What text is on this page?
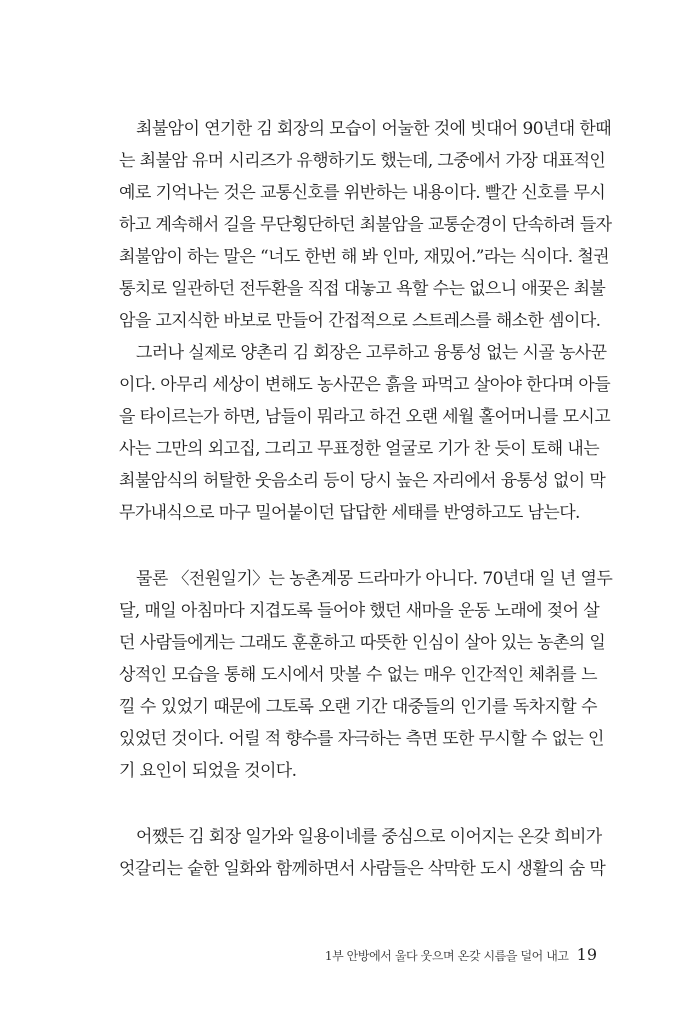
최불암이 연기한 김 회장의 모습이 어눌한 것에 빗대어 90년대 한때
는 최불암 유머 시리즈가 유행하기도 했는데, 그중에서 가장 대표적인
예로 기억나는 것은 교통신호를 위반하는 내용이다. 빨간 신호를 무시
하고 계속해서 길을 무단횡단하던 최불암을 교통순경이 단속하려 들자
최불암이 하는 말은 “너도 한번 해 봐 인마, 재밌어.”라는 식이다. 철권
통치로 일관하던 전두환을 직접 대놓고 욕할 수는 없으니 애꿎은 최불
암을 고지식한 바보로 만들어 간접적으로 스트레스를 해소한 셈이다.
그러나 실제로 양촌리 김 회장은 고루하고 융통성 없는 시골 농사꾼
이다. 아무리 세상이 변해도 농사꾼은 흙을 파먹고 살아야 한다며 아들
을 타이르는가 하면, 남들이 뭐라고 하건 오랜 세월 홀어머니를 모시고
사는 그만의 외고집, 그리고 무표정한 얼굴로 기가 찬 듯이 토해 내는
최불암식의 허탈한 웃음소리 등이 당시 높은 자리에서 융통성 없이 막
무가내식으로 마구 밀어붙이던 답답한 세태를 반영하고도 남는다.
물론 〈전원일기〉는 농촌계몽 드라마가 아니다. 70년대 일 년 열두
달, 매일 아침마다 지겹도록 들어야 했던 새마을 운동 노래에 젖어 살
던 사람들에게는 그래도 훈훈하고 따뜻한 인심이 살아 있는 농촌의 일
상적인 모습을 통해 도시에서 맛볼 수 없는 매우 인간적인 체취를 느
낄 수 있었기 때문에 그토록 오랜 기간 대중들의 인기를 독차지할 수
있었던 것이다. 어릴 적 향수를 자극하는 측면 또한 무시할 수 없는 인
기 요인이 되었을 것이다.
어쨌든 김 회장 일가와 일용이네를 중심으로 이어지는 온갖 희비가
엇갈리는 숱한 일화와 함께하면서 사람들은 삭막한 도시 생활의 숨 막
1부 안방에서 울다 웃으며 온갖 시름을 덜어 내고 19
